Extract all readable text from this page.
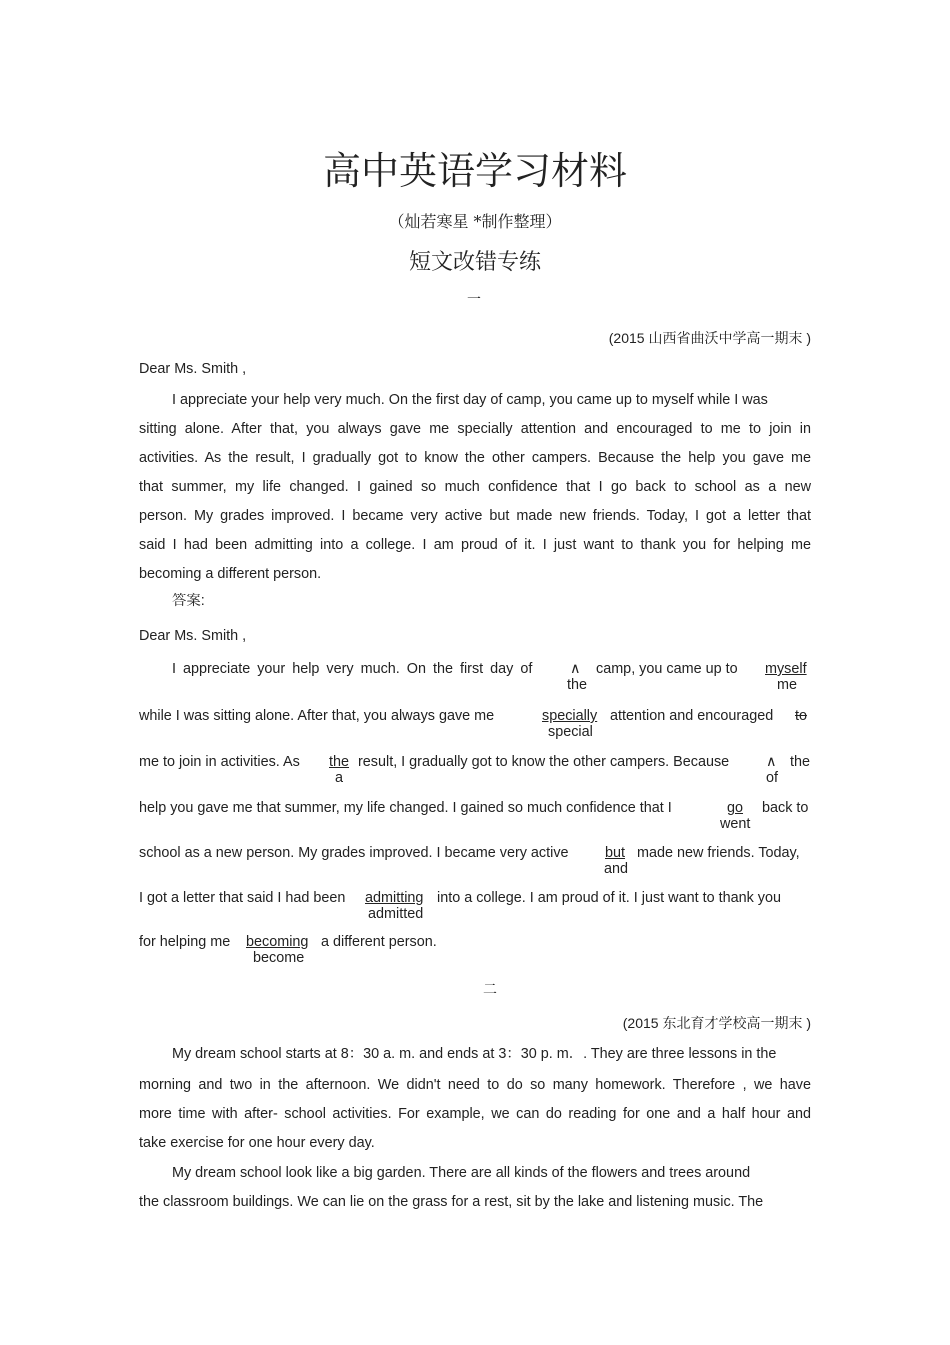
高中英语学习材料
（灿若寒星 *制作整理）
短文改错专练
一
(2015 山西省曲沃中学高一期末 )
Dear Ms. Smith ,
I appreciate your help very much. On the first day of camp, you came up to myself while I was
sitting alone. After that, you always gave me specially attention and encouraged to me to join in
activities. As the result, I gradually got to know the other campers. Because the help you gave me
that summer, my life changed. I gained so much confidence that I go back to school as a new
person. My grades improved. I became very active but made new friends. Today, I got a letter that
said I had been admitting into a college. I am proud of it. I just want to thank you for helping me
becoming a different person.
答案:
Dear Ms. Smith ,
I appreciate your help very much. On the first day of	∧ camp, you came up to myself
the	me
while I was sitting alone. After that, you always gave me	specially attention and encouraged to
special
me to join in activities. As the result, I gradually got to know the other campers. Because	∧ the
a	of
help you gave me that summer, my life changed. I gained so much confidence that I	go back to
went
school as a new person. My grades improved. I became very active	but made new friends. Today,
and
I got a letter that said I had been admitting into a college. I am proud of it. I just want to thank you
admitted
for helping me becoming a different person.
become
二
(2015 东北育才学校高一期末 )
My dream school starts at 8：30 a. m. and ends at 3：30 p. m．. They are three lessons in the
morning and two in the afternoon. We didn't need to do so many homework. Therefore , we have
more time with after- school activities. For example, we can do reading for one and a half hour and
take exercise for one hour every day.
My dream school look like a big garden. There are all kinds of the flowers and trees around
the classroom buildings. We can lie on the grass for a rest, sit by the lake and listening music. The
